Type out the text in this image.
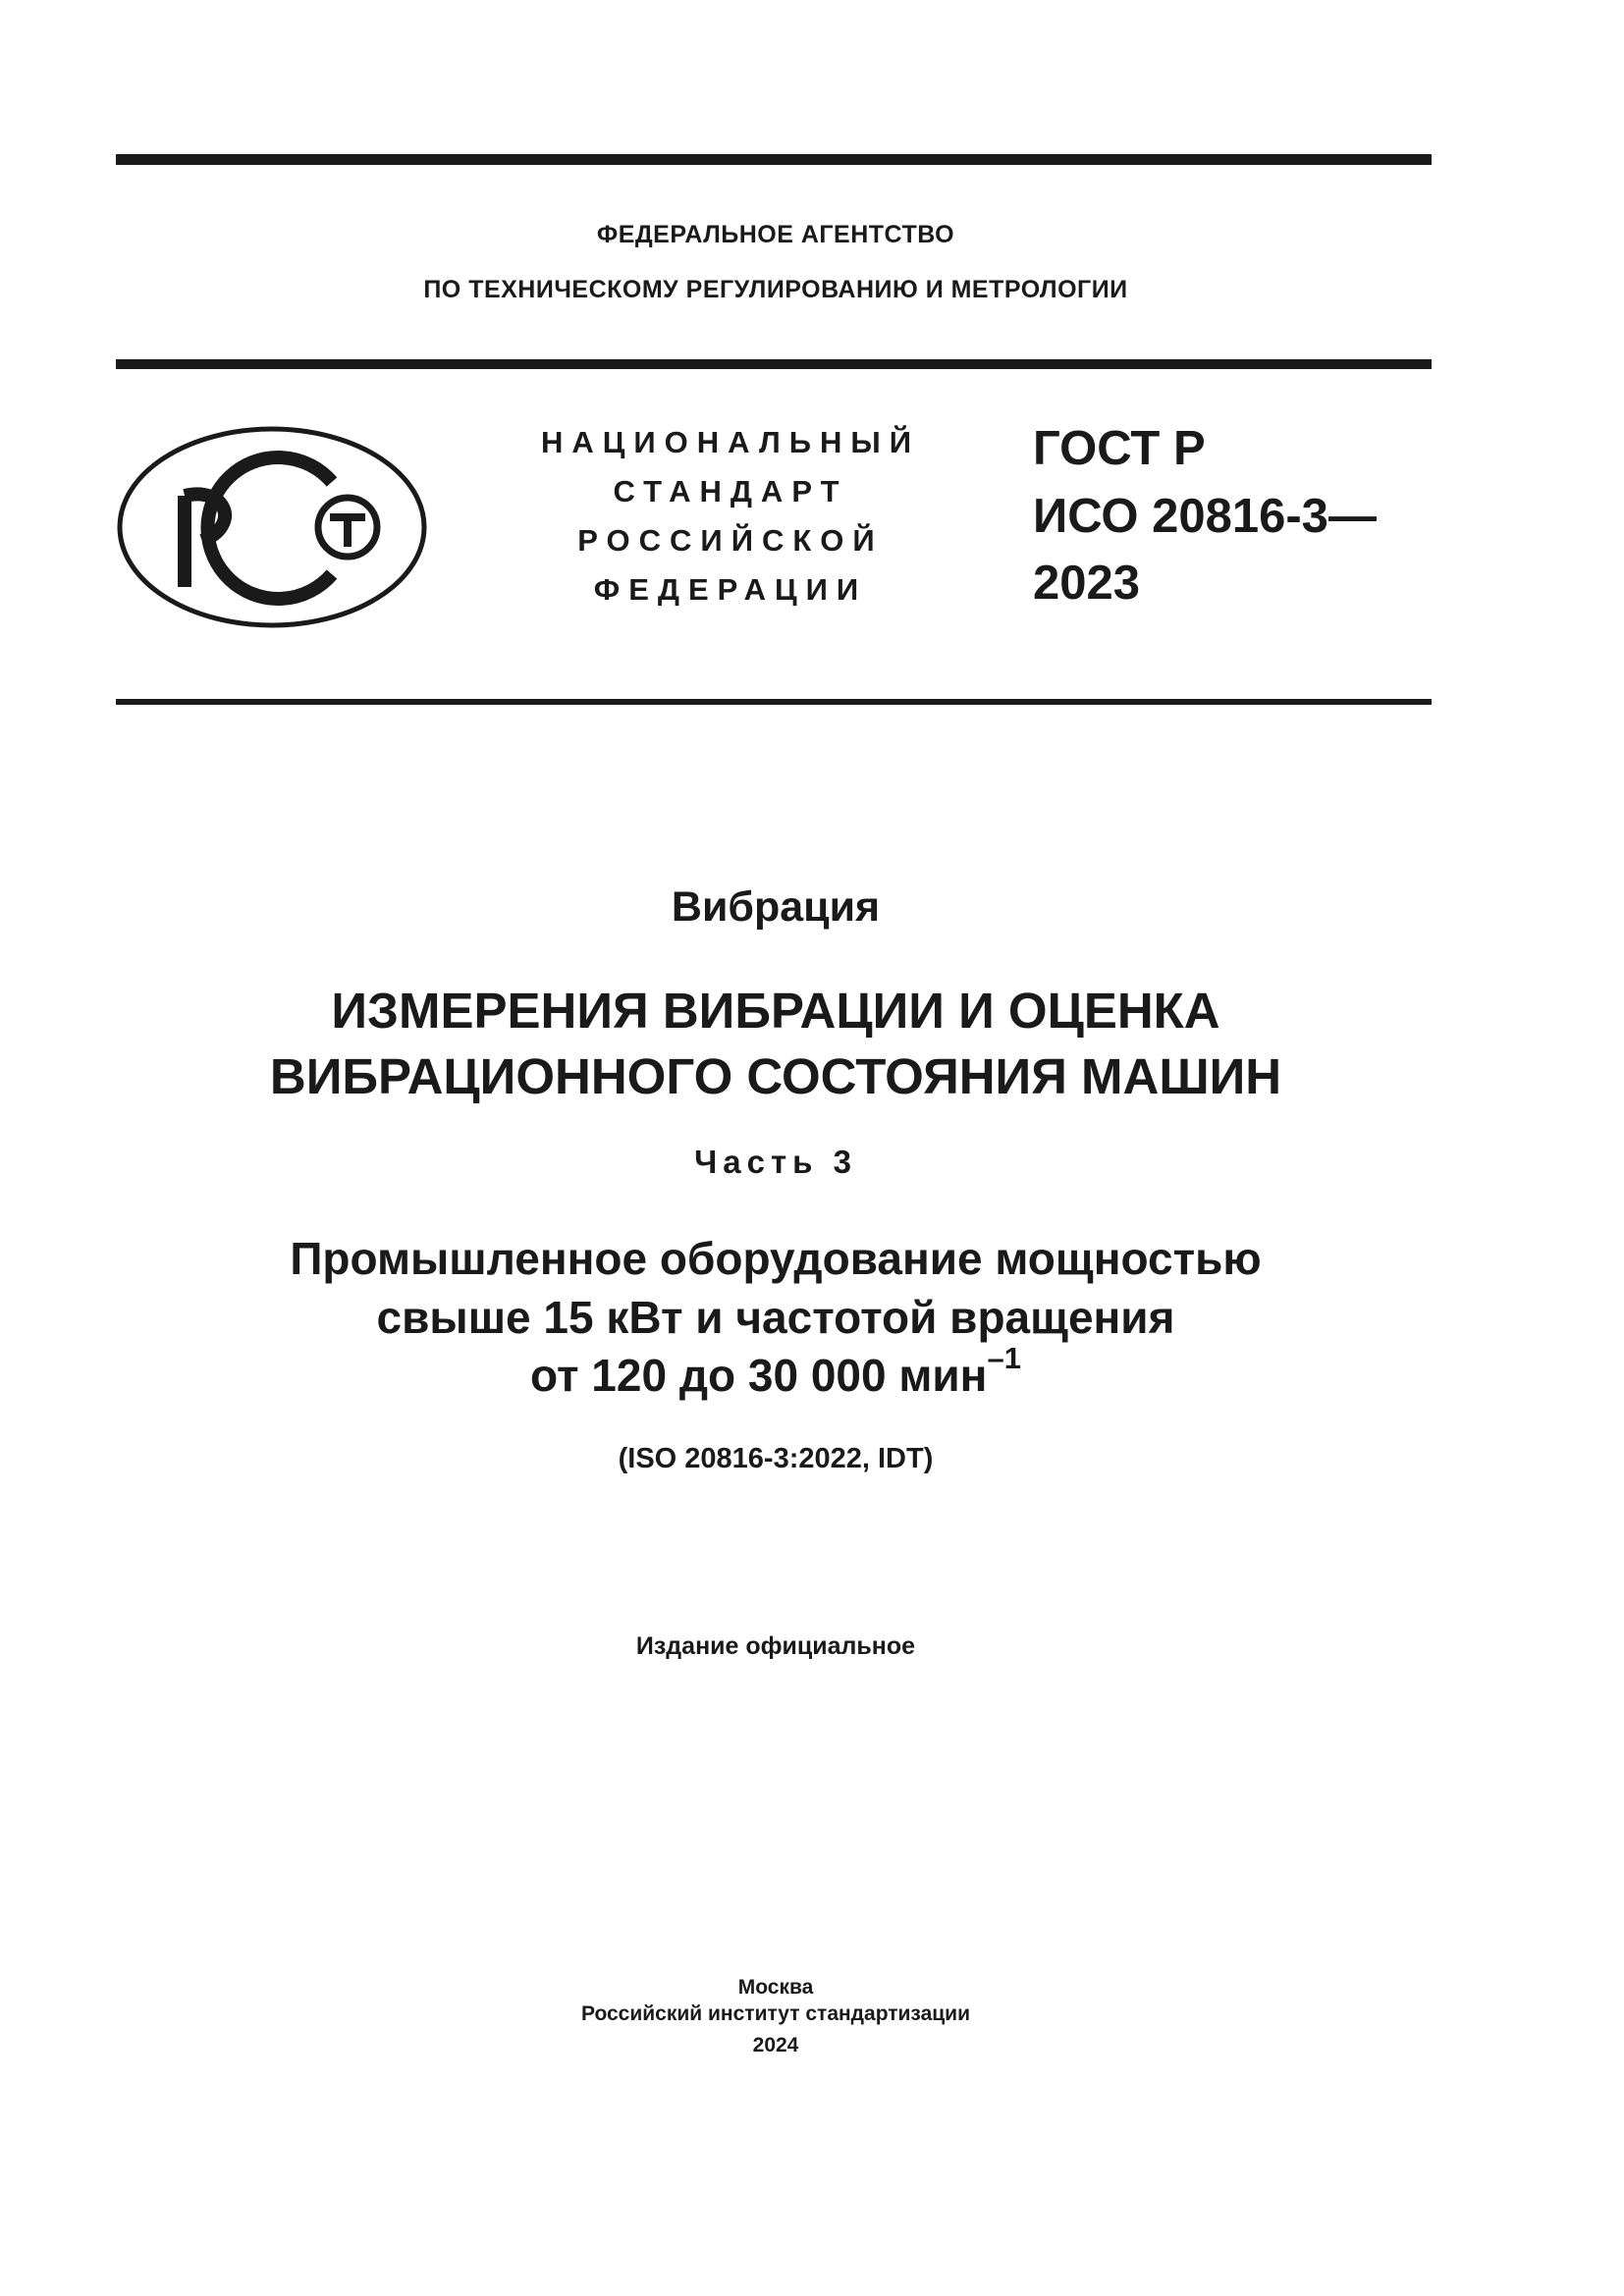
ФЕДЕРАЛЬНОЕ АГЕНТСТВО
ПО ТЕХНИЧЕСКОМУ РЕГУЛИРОВАНИЮ И МЕТРОЛОГИИ
НАЦИОНАЛЬНЫЙ
СТАНДАРТ
РОССИЙСКОЙ
ФЕДЕРАЦИИ
ГОСТ Р
ИСО 20816-3—
2023
Вибрация
ИЗМЕРЕНИЯ ВИБРАЦИИ И ОЦЕНКА
ВИБРАЦИОННОГО СОСТОЯНИЯ МАШИН
Часть 3
Промышленное оборудование мощностью
свыше 15 кВт и частотой вращения
от 120 до 30 000 мин$^{-1}$
(ISO 20816-3:2022, IDT)
Издание официальное
Москва
Российский институт стандартизации
2024
